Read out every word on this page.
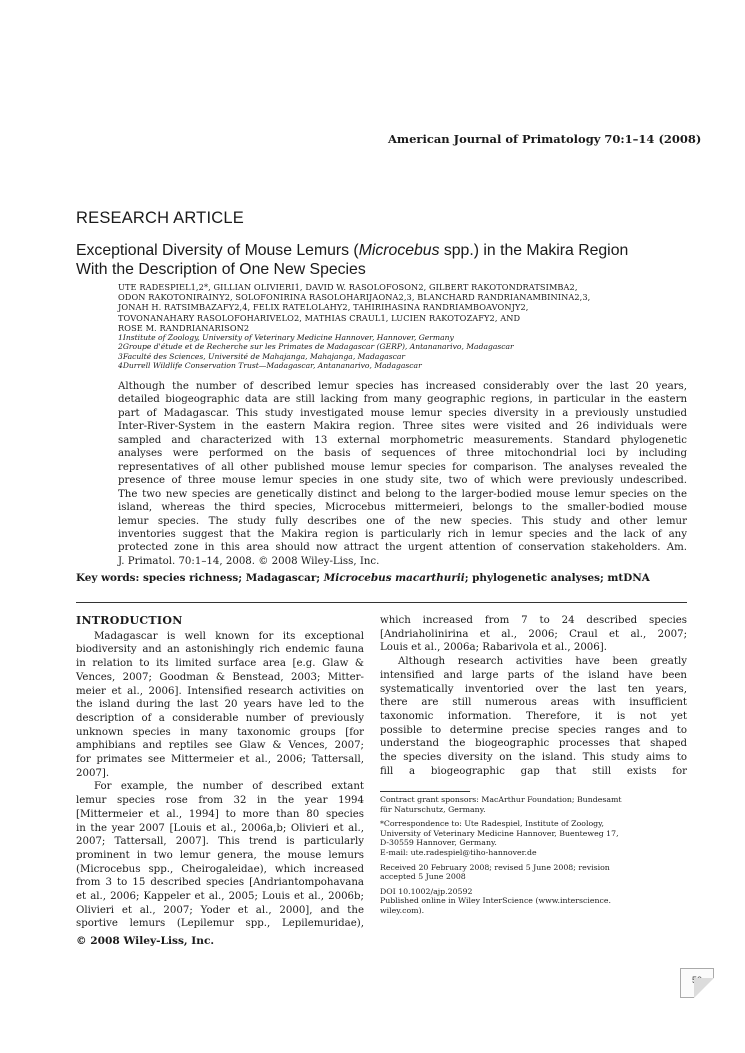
American Journal of Primatology 70:1–14 (2008)
RESEARCH ARTICLE
Exceptional Diversity of Mouse Lemurs (Microcebus spp.) in the Makira Region
With the Description of One New Species
UTE RADESPIEL1,2*, GILLIAN OLIVIERI1, DAVID W. RASOLOFOSON2, GILBERT RAKOTONDRATSIMBA2,
ODON RAKOTONIRAINY2, SOLOFONIRINA RASOLOHARIJAONA2,3, BLANCHARD RANDRIANAMBININA2,3,
JONAH H. RATSIMBAZAFY2,4, FELIX RATELOLAHY2, TAHIRIHASINA RANDRIAMBOAVONJY2,
TOVONANAHARY RASOLOFOHARIVELO2, MATHIAS CRAUL1, LUCIEN RAKOTOZAFY2, AND
ROSE M. RANDRIANARISON2
1Institute of Zoology, University of Veterinary Medicine Hannover, Hannover, Germany
2Groupe d'étude et de Recherche sur les Primates de Madagascar (GERP), Antananarivo, Madagascar
3Faculté des Sciences, Université de Mahajanga, Mahajanga, Madagascar
4Durrell Wildlife Conservation Trust—Madagascar, Antananarivo, Madagascar
Although the number of described lemur species has increased considerably over the last 20 years,
detailed biogeographic data are still lacking from many geographic regions, in particular in the eastern
part of Madagascar. This study investigated mouse lemur species diversity in a previously unstudied
Inter-River-System in the eastern Makira region. Three sites were visited and 26 individuals were
sampled and characterized with 13 external morphometric measurements. Standard phylogenetic
analyses were performed on the basis of sequences of three mitochondrial loci by including
representatives of all other published mouse lemur species for comparison. The analyses revealed the
presence of three mouse lemur species in one study site, two of which were previously undescribed.
The two new species are genetically distinct and belong to the larger-bodied mouse lemur species on the
island, whereas the third species, Microcebus mittermeieri, belongs to the smaller-bodied mouse
lemur species. The study fully describes one of the new species. This study and other lemur
inventories suggest that the Makira region is particularly rich in lemur species and the lack of any
protected zone in this area should now attract the urgent attention of conservation stakeholders. Am.
J. Primatol. 70:1–14, 2008. © 2008 Wiley-Liss, Inc.
Key words: species richness; Madagascar; Microcebus macarthurii; phylogenetic analyses; mtDNA
INTRODUCTION
Madagascar is well known for its exceptional
biodiversity and an astonishingly rich endemic fauna
in relation to its limited surface area [e.g. Glaw &
Vences, 2007; Goodman & Benstead, 2003; Mitter-
meier et al., 2006]. Intensified research activities on
the island during the last 20 years have led to the
description of a considerable number of previously
unknown species in many taxonomic groups [for
amphibians and reptiles see Glaw & Vences, 2007;
for primates see Mittermeier et al., 2006; Tattersall,
2007].
For example, the number of described extant
lemur species rose from 32 in the year 1994
[Mittermeier et al., 1994] to more than 80 species
in the year 2007 [Louis et al., 2006a,b; Olivieri et al.,
2007; Tattersall, 2007]. This trend is particularly
prominent in two lemur genera, the mouse lemurs
(Microcebus spp., Cheirogaleidae), which increased
from 3 to 15 described species [Andriantompohavana
et al., 2006; Kappeler et al., 2005; Louis et al., 2006b;
Olivieri et al., 2007; Yoder et al., 2000], and the
sportive lemurs (Lepilemur spp., Lepilemuridae),
which increased from 7 to 24 described species
[Andriaholinirina et al., 2006; Craul et al., 2007;
Louis et al., 2006a; Rabarivola et al., 2006].
Although research activities have been greatly
intensified and large parts of the island have been
systematically inventoried over the last ten years,
there are still numerous areas with insufficient
taxonomic information. Therefore, it is not yet
possible to determine precise species ranges and to
understand the biogeographic processes that shaped
the species diversity on the island. This study aims to
fill a biogeographic gap that still exists for
Contract grant sponsors: MacArthur Foundation; Bundesamt
für Naturschutz, Germany.
*Correspondence to: Ute Radespiel, Institute of Zoology,
University of Veterinary Medicine Hannover, Buenteweg 17,
D-30559 Hannover, Germany.
E-mail: ute.radespiel@tiho-hannover.de
Received 20 February 2008; revised 5 June 2008; revision
accepted 5 June 2008
DOI 10.1002/ajp.20592
Published online in Wiley InterScience (www.interscience.
wiley.com).
© 2008 Wiley-Liss, Inc.
50
